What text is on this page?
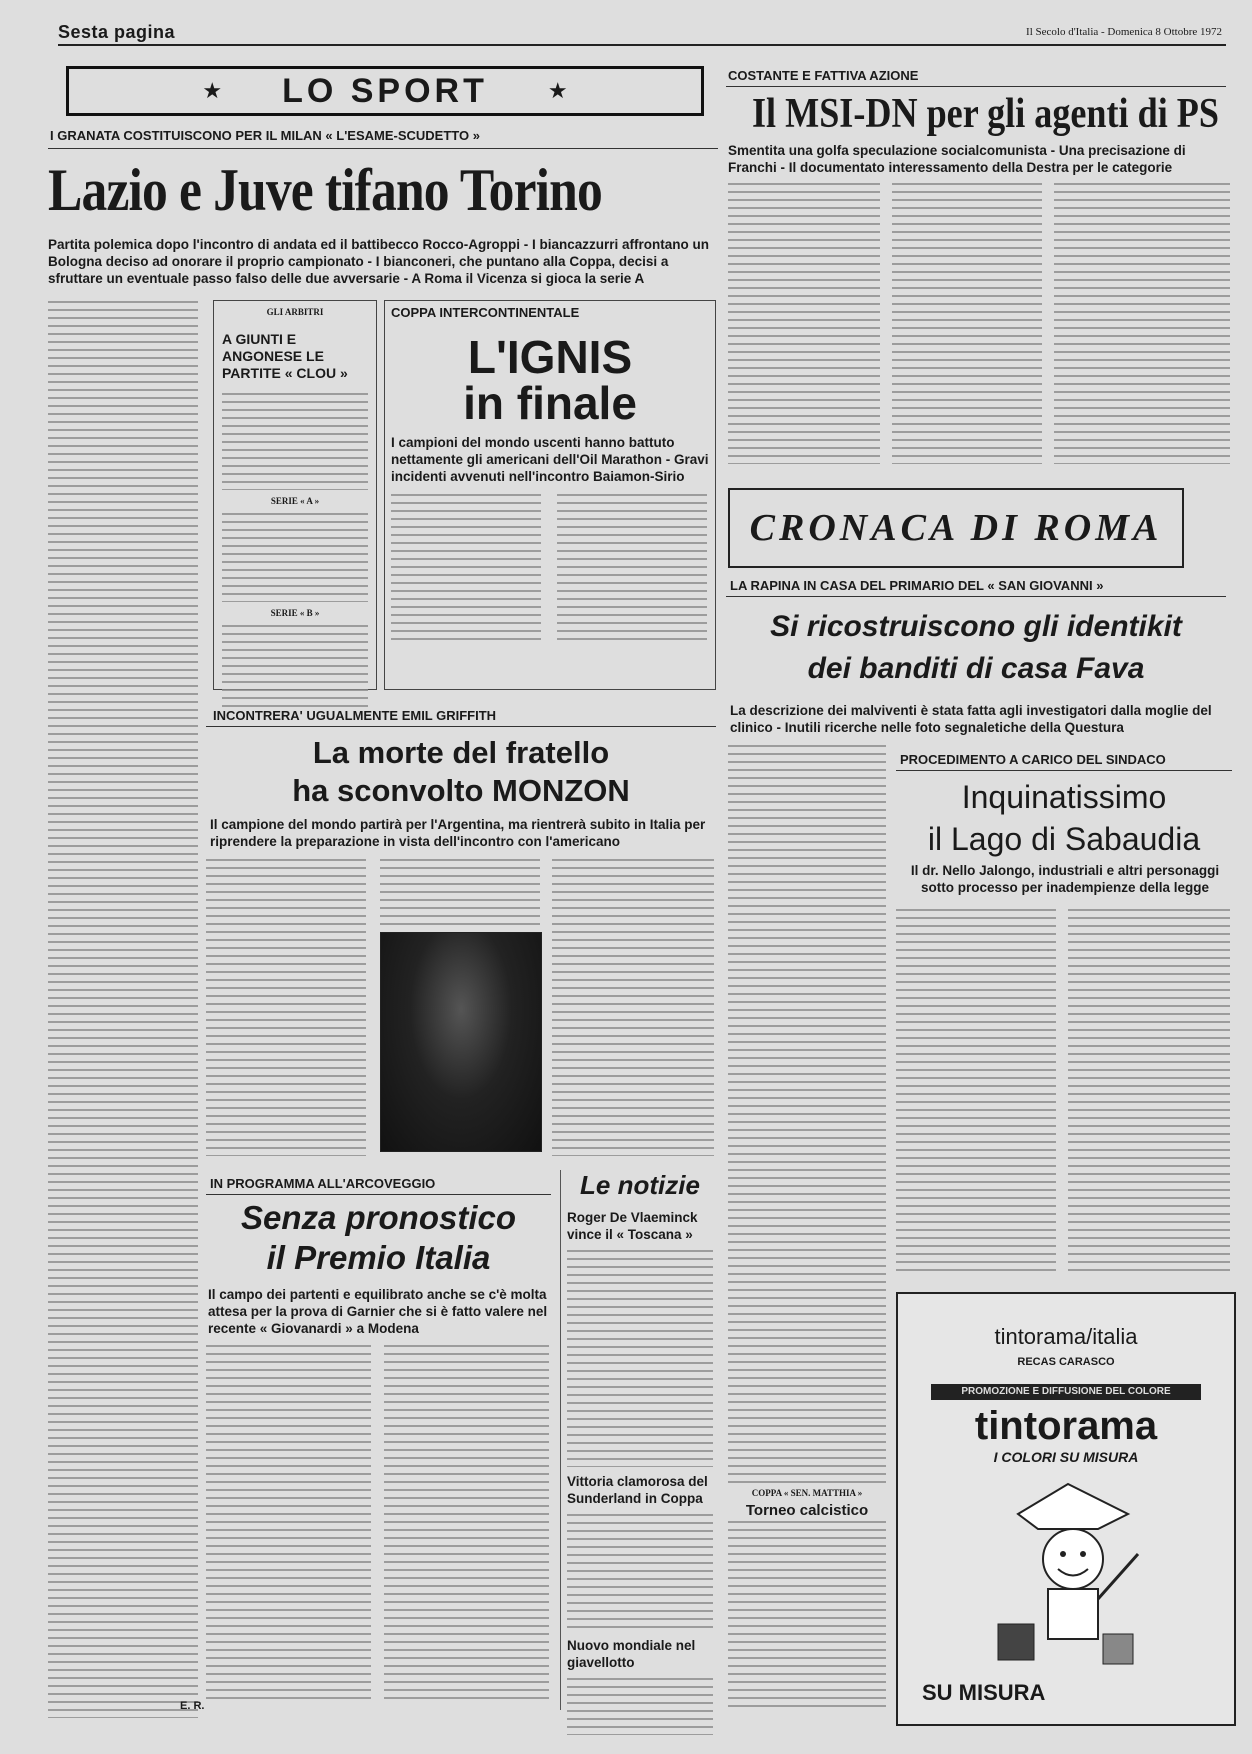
Sesta pagina	Il Secolo d'Italia - Domenica 8 Ottobre 1972
★ LO SPORT	★
I GRANATA COSTITUISCONO PER IL MILAN « L'ESAME-SCUDETTO »
Lazio e Juve tifano Torino
Partita polemica dopo l'incontro di andata ed il battibecco Rocco-Agroppi - I biancazzurri affrontano un Bologna deciso ad onorare il proprio campionato - I bianconeri, che puntano alla Coppa, decisi a sfruttare un eventuale passo falso delle due avversarie - A Roma il Vicenza si gioca la serie A
E. R.
GLI ARBITRI
A GIUNTI E ANGONESE LE PARTITE « CLOU »
SERIE « A »
SERIE « B »
COPPA INTERCONTINENTALE
L'IGNIS
in finale
I campioni del mondo uscenti hanno battuto nettamente gli americani dell'Oil Marathon - Gravi incidenti avvenuti nell'incontro Baiamon-Sirio

INCONTRERA' UGUALMENTE EMIL GRIFFITH
La morte del fratello
ha sconvolto MONZON
Il campione del mondo partirà per l'Argentina, ma rientrerà subito in Italia per riprendere la preparazione in vista dell'incontro con l'americano
IN PROGRAMMA ALL'ARCOVEGGIO
Senza pronostico
il Premio Italia
Il campo dei partenti e equilibrato anche se c'è molta attesa per la prova di Garnier che si è fatto valere nel recente « Giovanardi » a Modena
Le notizie
Roger De Vlaeminck vince il « Toscana »
Vittoria clamorosa del Sunderland in Coppa
Nuovo mondiale nel giavellotto
COSTANTE E FATTIVA AZIONE
Il MSI-DN per gli agenti di PS
Smentita una golfa speculazione socialcomunista - Una precisazione di Franchi - Il documentato interessamento della Destra per le categorie
CRONACA DI ROMA
LA RAPINA IN CASA DEL PRIMARIO DEL « SAN GIOVANNI »
Si ricostruiscono gli identikit
dei banditi di casa Fava
La descrizione dei malviventi è stata fatta agli investigatori dalla moglie del clinico - Inutili ricerche nelle foto segnaletiche della Questura
PROCEDIMENTO A CARICO DEL SINDACO
Inquinatissimo
il Lago di Sabaudia
Il dr. Nello Jalongo, industriali e altri personaggi sotto processo per inadempienze della legge
COPPA « SEN. MATTHIA »
Torneo calcistico
tintorama/italia
RECAS CARASCO
PROMOZIONE E DIFFUSIONE DEL COLORE
tintorama
I COLORI SU MISURA
SU MISURA
